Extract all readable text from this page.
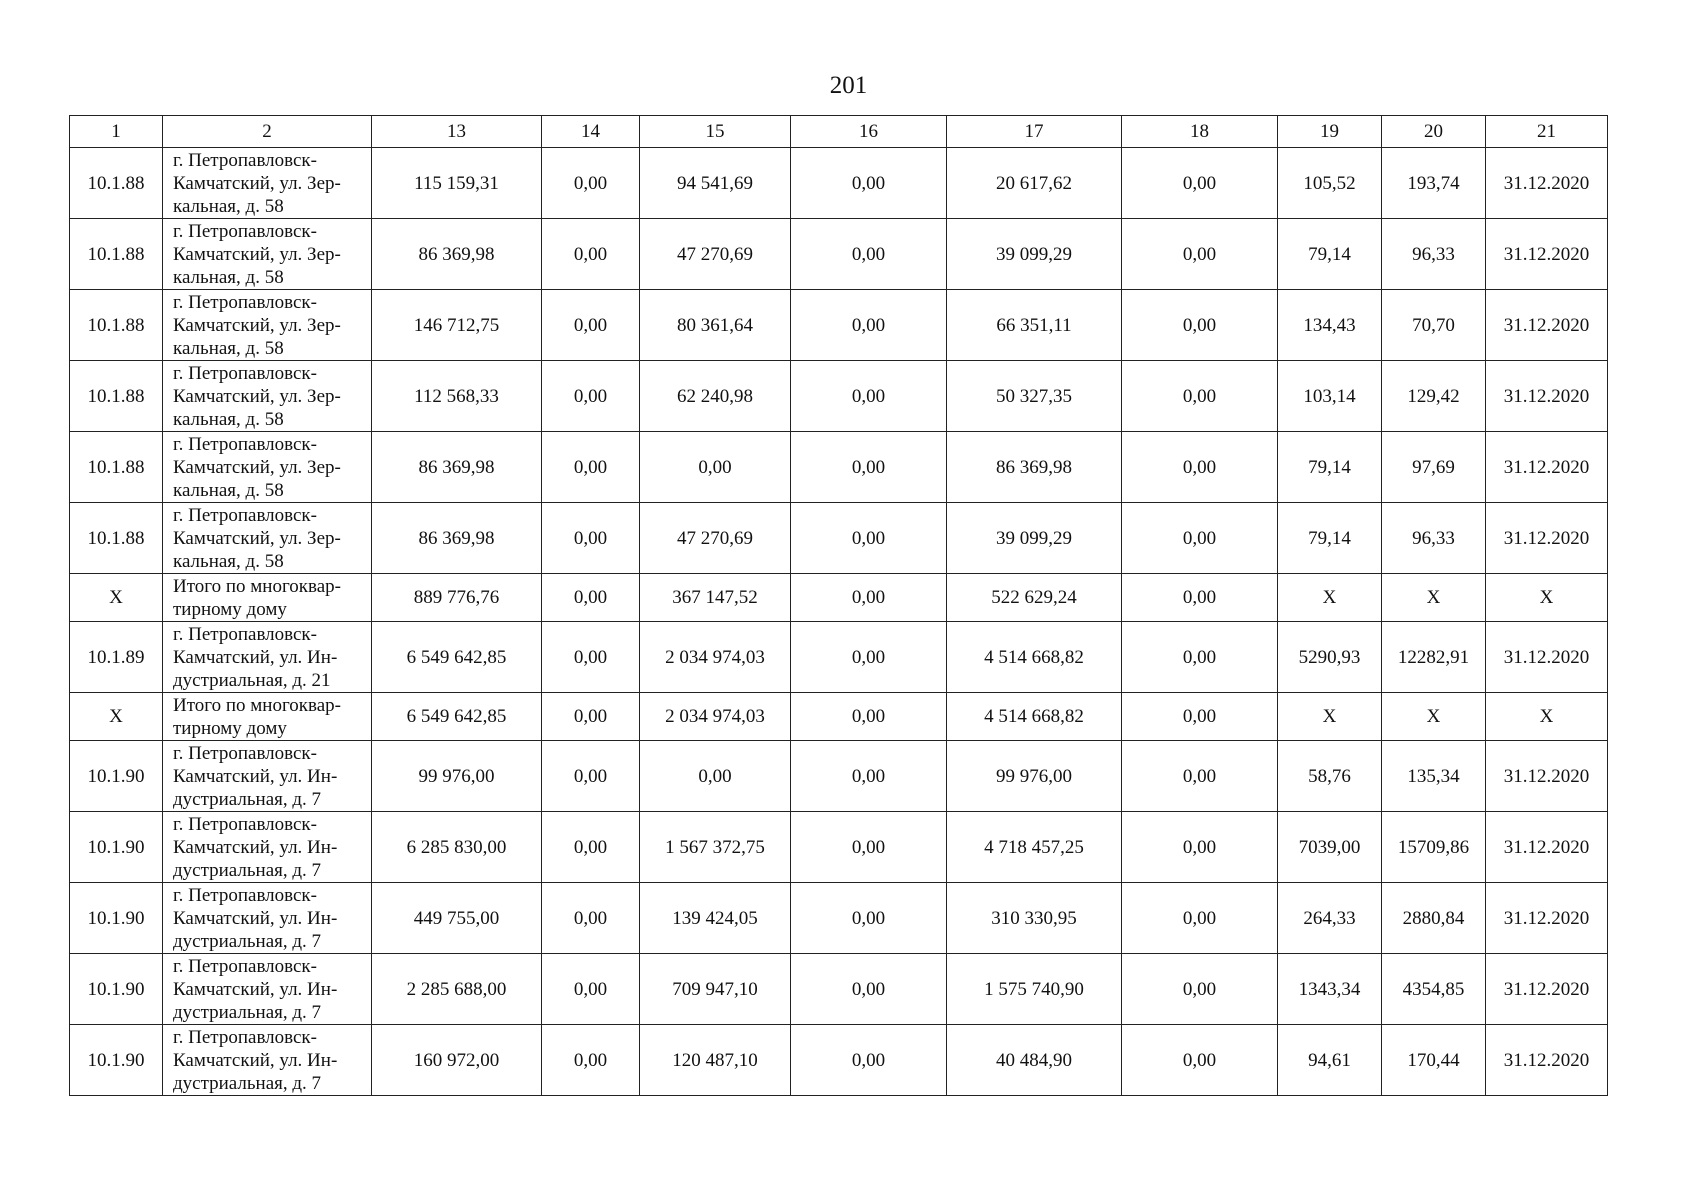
201
1	2	13	14	15	16	17	18	19	20	21
10.1.88	г. Петропавловск-
Камчатский, ул. Зер-
кальная, д. 58	115 159,31	0,00	94 541,69	0,00	20 617,62	0,00	105,52	193,74	31.12.2020
10.1.88	г. Петропавловск-
Камчатский, ул. Зер-
кальная, д. 58	86 369,98	0,00	47 270,69	0,00	39 099,29	0,00	79,14	96,33	31.12.2020
10.1.88	г. Петропавловск-
Камчатский, ул. Зер-
кальная, д. 58	146 712,75	0,00	80 361,64	0,00	66 351,11	0,00	134,43	70,70	31.12.2020
10.1.88	г. Петропавловск-
Камчатский, ул. Зер-
кальная, д. 58	112 568,33	0,00	62 240,98	0,00	50 327,35	0,00	103,14	129,42	31.12.2020
10.1.88	г. Петропавловск-
Камчатский, ул. Зер-
кальная, д. 58	86 369,98	0,00	0,00	0,00	86 369,98	0,00	79,14	97,69	31.12.2020
10.1.88	г. Петропавловск-
Камчатский, ул. Зер-
кальная, д. 58	86 369,98	0,00	47 270,69	0,00	39 099,29	0,00	79,14	96,33	31.12.2020
X	Итого по многоквар-
тирному дому	889 776,76	0,00	367 147,52	0,00	522 629,24	0,00	X	X	X
10.1.89	г. Петропавловск-
Камчатский, ул. Ин-
дустриальная, д. 21	6 549 642,85	0,00	2 034 974,03	0,00	4 514 668,82	0,00	5290,93	12282,91	31.12.2020
X	Итого по многоквар-
тирному дому	6 549 642,85	0,00	2 034 974,03	0,00	4 514 668,82	0,00	X	X	X
10.1.90	г. Петропавловск-
Камчатский, ул. Ин-
дустриальная, д. 7	99 976,00	0,00	0,00	0,00	99 976,00	0,00	58,76	135,34	31.12.2020
10.1.90	г. Петропавловск-
Камчатский, ул. Ин-
дустриальная, д. 7	6 285 830,00	0,00	1 567 372,75	0,00	4 718 457,25	0,00	7039,00	15709,86	31.12.2020
10.1.90	г. Петропавловск-
Камчатский, ул. Ин-
дустриальная, д. 7	449 755,00	0,00	139 424,05	0,00	310 330,95	0,00	264,33	2880,84	31.12.2020
10.1.90	г. Петропавловск-
Камчатский, ул. Ин-
дустриальная, д. 7	2 285 688,00	0,00	709 947,10	0,00	1 575 740,90	0,00	1343,34	4354,85	31.12.2020
10.1.90	г. Петропавловск-
Камчатский, ул. Ин-
дустриальная, д. 7	160 972,00	0,00	120 487,10	0,00	40 484,90	0,00	94,61	170,44	31.12.2020
